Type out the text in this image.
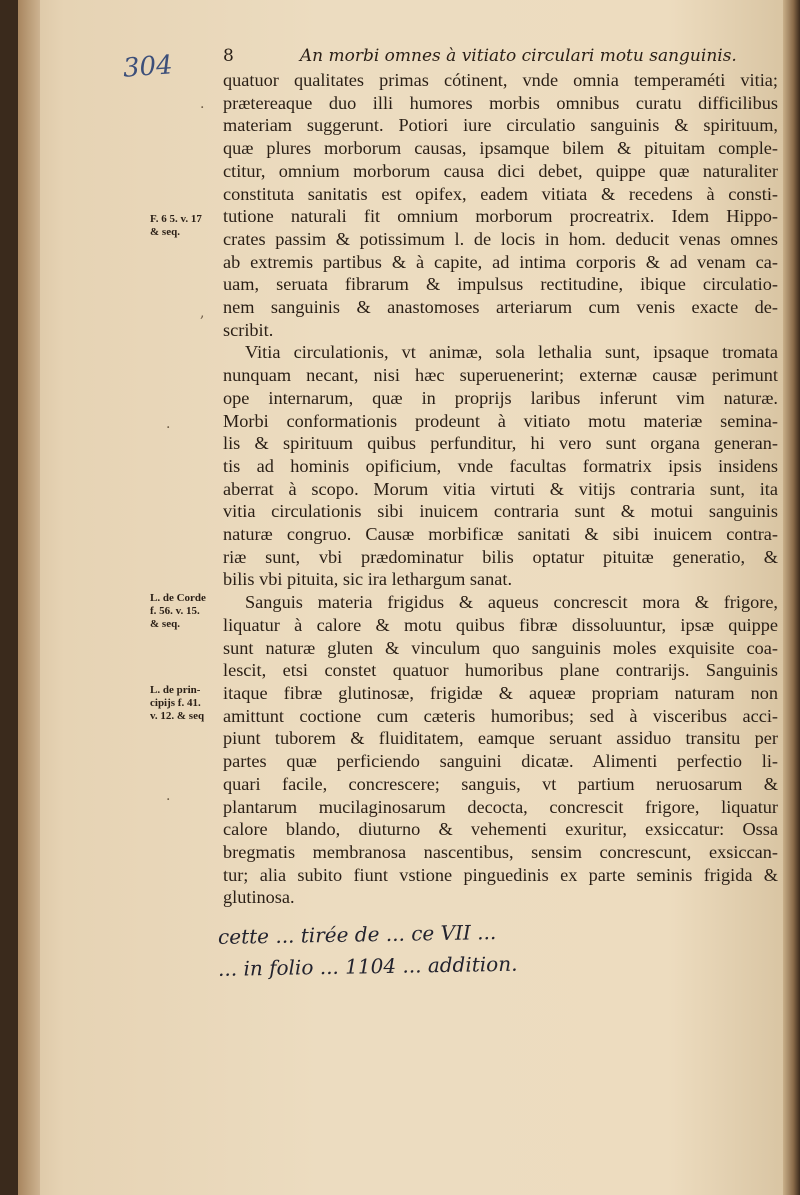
304	8	An morbi omnes à vitiato circulari motu sanguinis.
quatuor qualitates primas cótinent, vnde omnia temperaméti vitia;
prætereaque duo illi humores morbis omnibus curatu difficilibus
materiam suggerunt. Potiori iure circulatio sanguinis & spirituum,
quæ plures morborum causas, ipsamque bilem & pituitam comple-
ctitur, omnium morborum causa dici debet, quippe quæ naturaliter
constituta sanitatis est opifex, eadem vitiata & recedens à consti-
tutione naturali fit omnium morborum procreatrix. Idem Hippo-
crates passim & potissimum l. de locis in hom. deducit venas omnes
ab extremis partibus & à capite, ad intima corporis & ad venam ca-
uam, seruata fibrarum & impulsus rectitudine, ibique circulatio-
nem sanguinis & anastomoses arteriarum cum venis exacte de-
scribit.
Vitia circulationis, vt animæ, sola lethalia sunt, ipsaque tromata
nunquam necant, nisi hæc superuenerint; externæ causæ perimunt
ope internarum, quæ in proprijs laribus inferunt vim naturæ.
Morbi conformationis prodeunt à vitiato motu materiæ semina-
lis & spirituum quibus perfunditur, hi vero sunt organa generan-
tis ad hominis opificium, vnde facultas formatrix ipsis insidens
aberrat à scopo. Morum vitia virtuti & vitijs contraria sunt, ita
vitia circulationis sibi inuicem contraria sunt & motui sanguinis
naturæ congruo. Causæ morbificæ sanitati & sibi inuicem contra-
riæ sunt, vbi prædominatur bilis optatur pituitæ generatio, &
bilis vbi pituita, sic ira lethargum sanat.
Sanguis materia frigidus & aqueus concrescit mora & frigore,
liquatur à calore & motu quibus fibræ dissoluuntur, ipsæ quippe
sunt naturæ gluten & vinculum quo sanguinis moles exquisite coa-
lescit, etsi constet quatuor humoribus plane contrarijs. Sanguinis
itaque fibræ glutinosæ, frigidæ & aqueæ propriam naturam non
amittunt coctione cum cæteris humoribus; sed à visceribus acci-
piunt tuborem & fluiditatem, eamque seruant assiduo transitu per
partes quæ perficiendo sanguini dicatæ. Alimenti perfectio li-
quari facile, concrescere; sanguis, vt partium neruosarum &
plantarum mucilaginosarum decocta, concrescit frigore, liquatur
calore blando, diuturno & vehementi exuritur, exsiccatur: Ossa
bregmatis membranosa nascentibus, sensim concrescunt, exsiccan-
tur; alia subito fiunt vstione pinguedinis ex parte seminis frigida &
glutinosa.
F. 6 5. v. 17
& seq.
L. de Corde
f. 56. v. 15.
& seq.
L. de prin-
cipijs f. 41.
v. 12. & seq
·
,
·
·
cette ... tirée de ... ce VII ...
... in folio ... 1104 ... addition.
